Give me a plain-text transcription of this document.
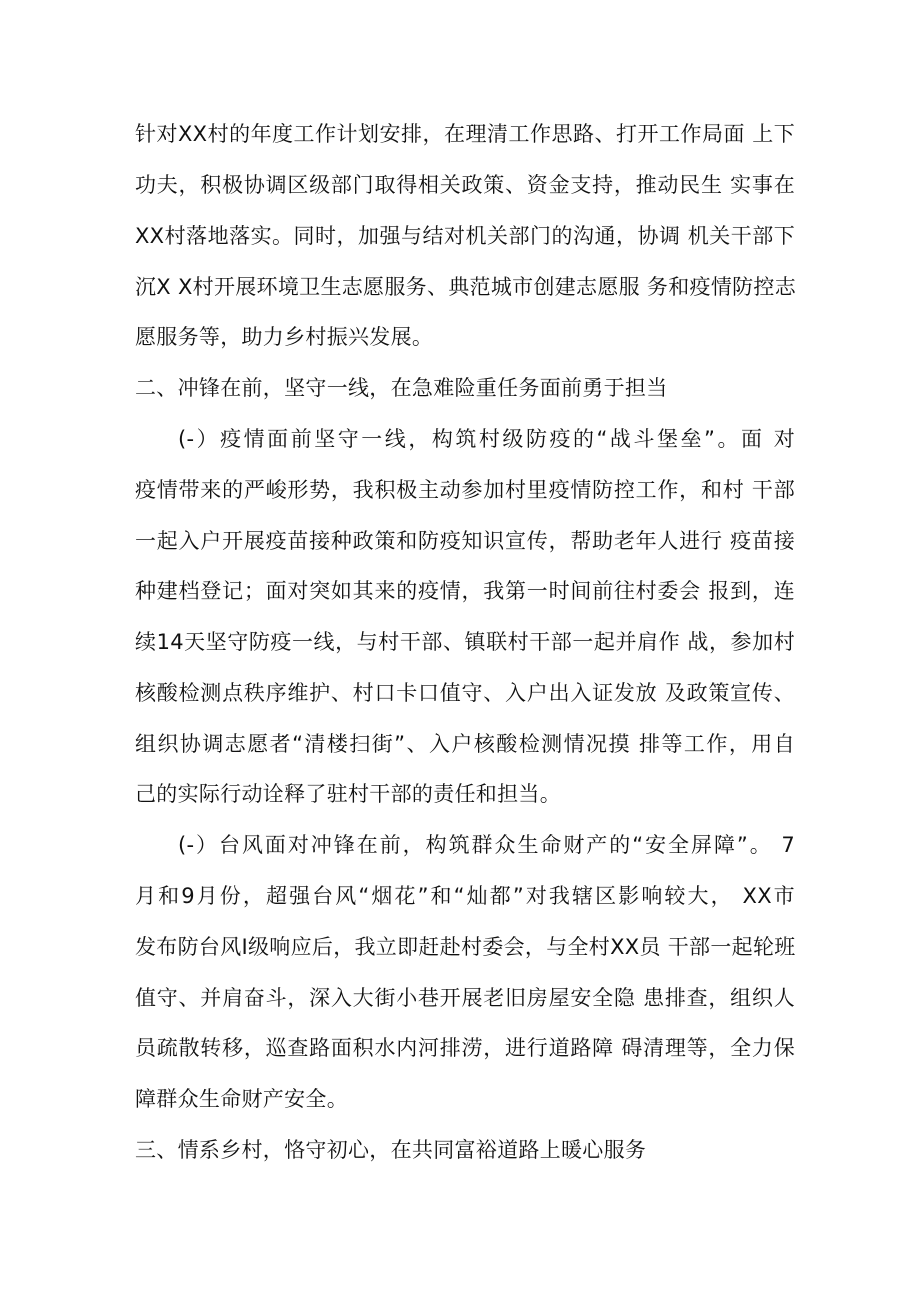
针对XX村的年度工作计划安排，在理清工作思路、打开工作局面 上下
功夫，积极协调区级部门取得相关政策、资金支持，推动民生 实事在
XX村落地落实。同时，加强与结对机关部门的沟通，协调 机关干部下
沉X X村开展环境卫生志愿服务、典范城市创建志愿服 务和疫情防控志
愿服务等，助力乡村振兴发展。
二、冲锋在前，坚守一线，在急难险重任务面前勇于担当
(-）疫情面前坚守一线，构筑村级防疫的“战斗堡垒”。面 对
疫情带来的严峻形势，我积极主动参加村里疫情防控工作，和村 干部
一起入户开展疫苗接种政策和防疫知识宣传，帮助老年人进行 疫苗接
种建档登记；面对突如其来的疫情，我第一时间前往村委会 报到，连
续14天坚守防疫一线，与村干部、镇联村干部一起并肩作 战，参加村
核酸检测点秩序维护、村口卡口值守、入户出入证发放 及政策宣传、
组织协调志愿者“清楼扫街”、入户核酸检测情况摸 排等工作，用自
己的实际行动诠释了驻村干部的责任和担当。
(-）台风面对冲锋在前，构筑群众生命财产的“安全屏障”。 7
月和9月份，超强台风“烟花”和“灿都”对我辖区影响较大， XX市
发布防台风I级响应后，我立即赶赴村委会，与全村XX员 干部一起轮班
值守、并肩奋斗，深入大街小巷开展老旧房屋安全隐 患排查，组织人
员疏散转移，巡查路面积水内河排涝，进行道路障 碍清理等，全力保
障群众生命财产安全。
三、情系乡村，恪守初心，在共同富裕道路上暖心服务
